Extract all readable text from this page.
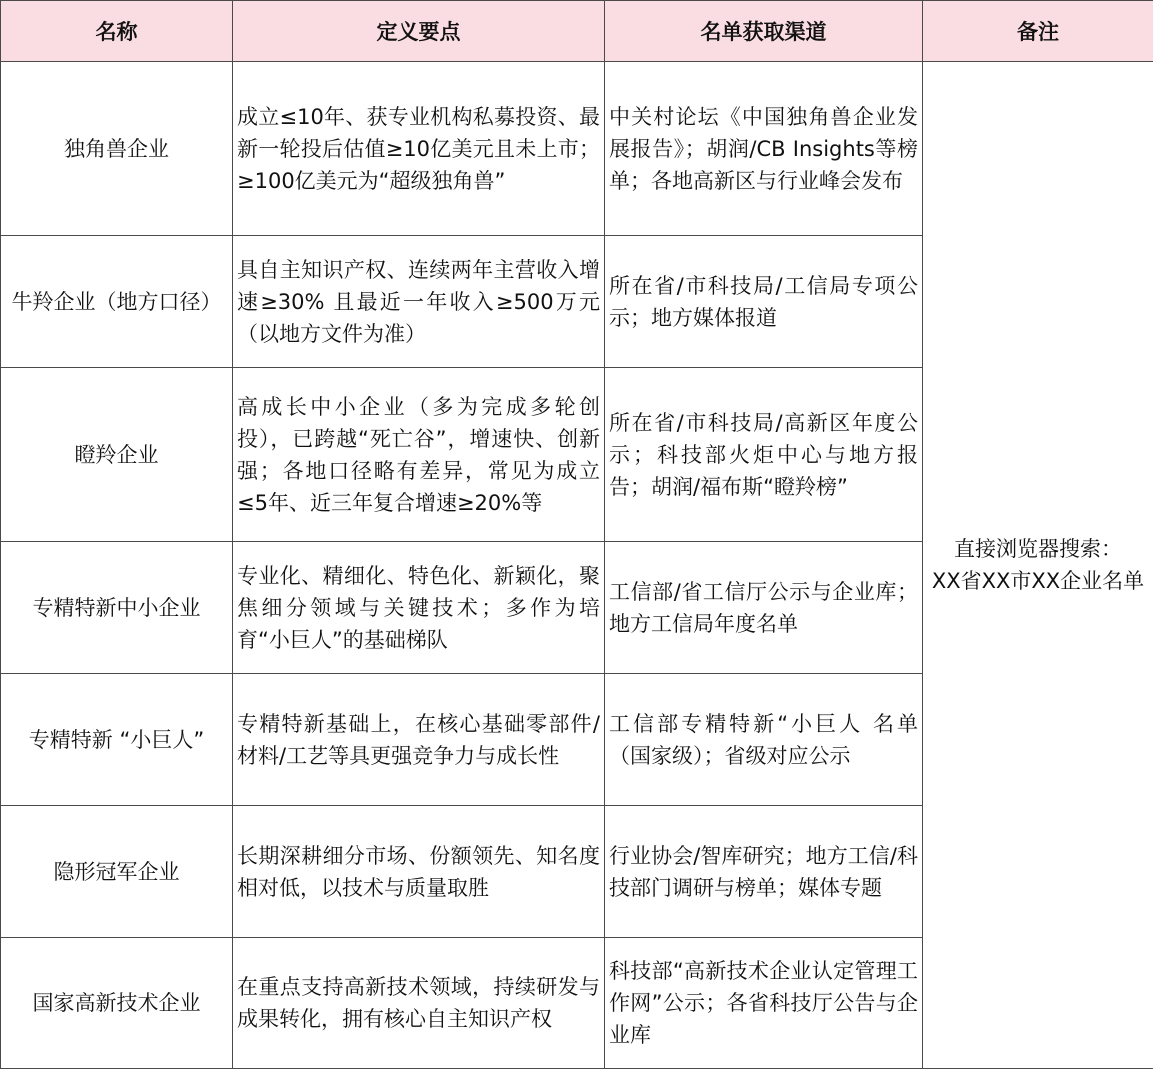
名称	定义要点	名单获取渠道	备注
独角兽企业	成立≤10年、获专业机构私募投资、最新一轮投后估值≥10亿美元且未上市；≥100亿美元为“超级独角兽”	中关村论坛《中国独角兽企业发展报告》；胡润/CB Insights等榜单；各地高新区与行业峰会发布	直接浏览器搜索：
XX省XX市XX企业名单

牛羚企业（地方口径）	具自主知识产权、连续两年主营收入增速≥30% 且最近一年收入≥500万元（以地方文件为准）	所在省/市科技局/工信局专项公示；地方媒体报道	
瞪羚企业	高成长中小企业（多为完成多轮创投），已跨越“死亡谷”，增速快、创新强；各地口径略有差异，常见为成立≤5年、近三年复合增速≥20%等	所在省/市科技局/高新区年度公示；科技部火炬中心与地方报告；胡润/福布斯“瞪羚榜”	
专精特新中小企业	专业化、精细化、特色化、新颖化，聚焦细分领域与关键技术；多作为培育“小巨人”的基础梯队	工信部/省工信厅公示与企业库；地方工信局年度名单	
专精特新 “小巨人”	专精特新基础上，在核心基础零部件/材料/工艺等具更强竞争力与成长性	工信部专精特新“小巨人 名单（国家级）；省级对应公示	
隐形冠军企业	长期深耕细分市场、份额领先、知名度相对低，以技术与质量取胜	行业协会/智库研究；地方工信/科技部门调研与榜单；媒体专题	
国家高新技术企业	在重点支持高新技术领域，持续研发与成果转化，拥有核心自主知识产权	科技部“高新技术企业认定管理工作网”公示；各省科技厅公告与企业库	
